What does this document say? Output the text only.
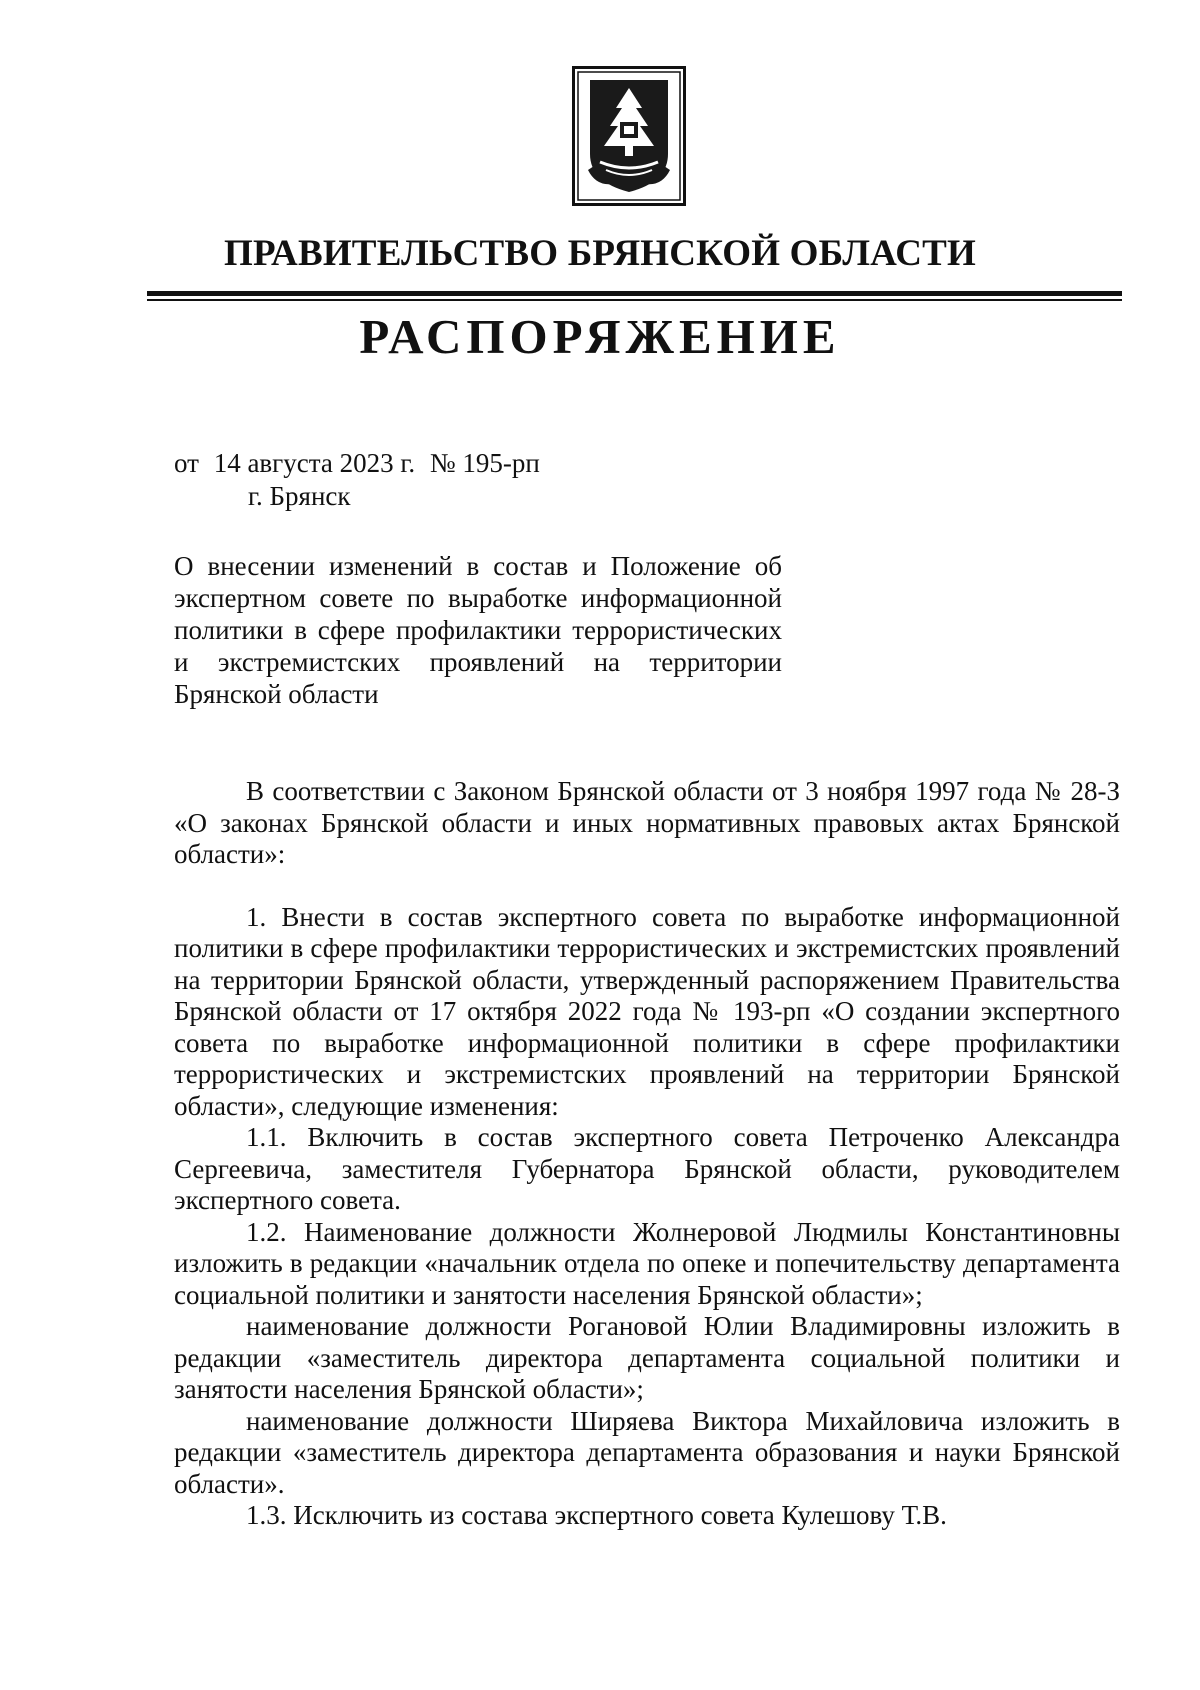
ПРАВИТЕЛЬСТВО БРЯНСКОЙ ОБЛАСТИ
РАСПОРЯЖЕНИЕ
от 14 августа 2023 г. № 195-рп
г. Брянск
О внесении изменений в состав и Положение об экспертном совете по выработке информационной политики в сфере профилактики террористических и экстремистских проявлений на территории Брянской области

В соответствии с Законом Брянской области от 3 ноября 1997 года № 28-З «О законах Брянской области и иных нормативных правовых актах Брянской области»:

1. Внести в состав экспертного совета по выработке информационной политики в сфере профилактики террористических и экстремистских проявлений на территории Брянской области, утвержденный распоряжением Правительства Брянской области от 17 октября 2022 года № 193-рп «О создании экспертного совета по выработке информационной политики в сфере профилактики террористических и экстремистских проявлений на территории Брянской области», следующие изменения:

1.1. Включить в состав экспертного совета Петроченко Александра Сергеевича, заместителя Губернатора Брянской области, руководителем экспертного совета.

1.2. Наименование должности Жолнеровой Людмилы Константиновны изложить в редакции «начальник отдела по опеке и попечительству департамента социальной политики и занятости населения Брянской области»;

наименование должности Рогановой Юлии Владимировны изложить в редакции «заместитель директора департамента социальной политики и занятости населения Брянской области»;

наименование должности Ширяева Виктора Михайловича изложить в редакции «заместитель директора департамента образования и науки Брянской области».

1.3. Исключить из состава экспертного совета Кулешову Т.В.
